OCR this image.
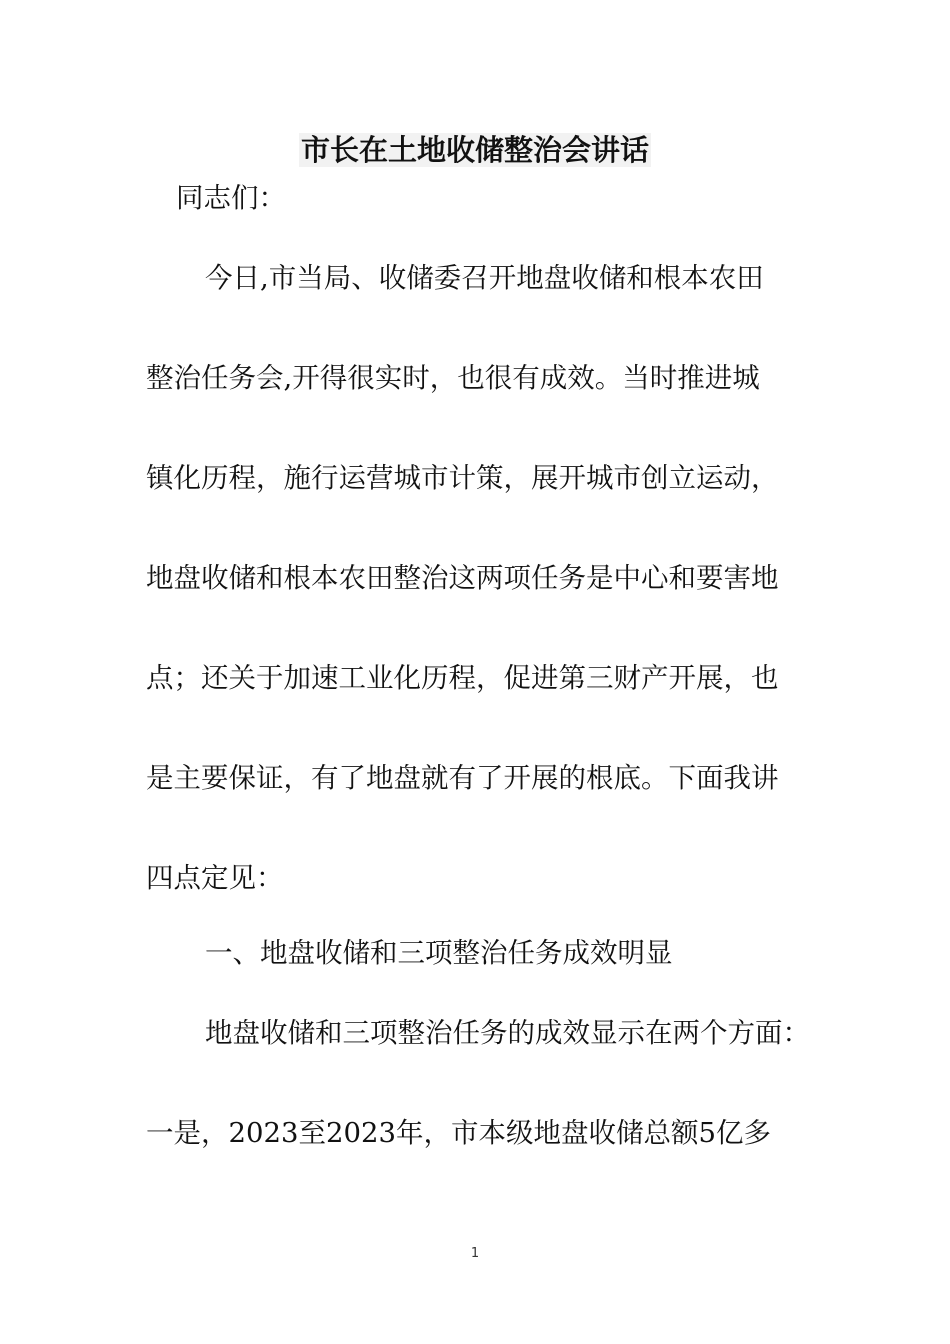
市长在土地收储整治会讲话
同志们：
今日,市当局、收储委召开地盘收储和根本农田
整治任务会,开得很实时，也很有成效。当时推进城
镇化历程，施行运营城市计策，展开城市创立运动，
地盘收储和根本农田整治这两项任务是中心和要害地
点；还关于加速工业化历程，促进第三财产开展，也
是主要保证，有了地盘就有了开展的根底。下面我讲
四点定见：
一、地盘收储和三项整治任务成效明显
地盘收储和三项整治任务的成效显示在两个方面：
一是，2023至2023年，市本级地盘收储总额5亿多
1
